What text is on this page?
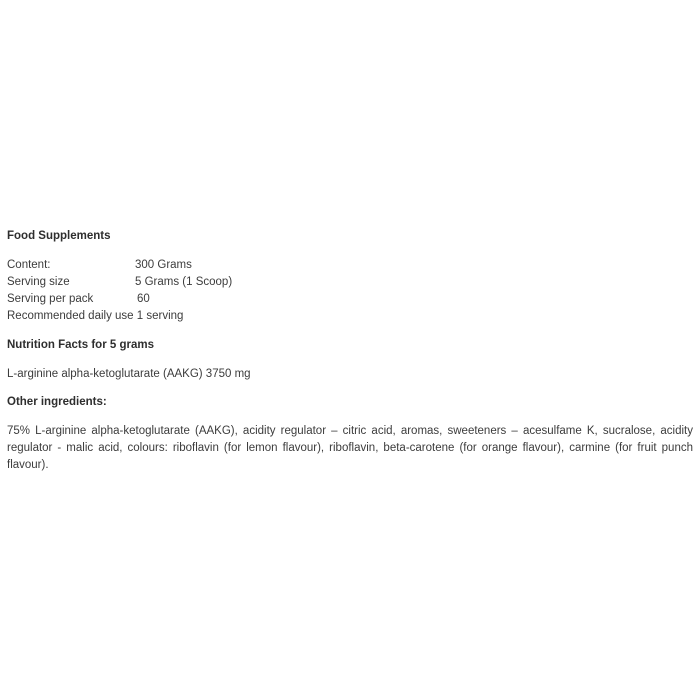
Food Supplements

Content:	300 Grams
Serving size	5 Grams (1 Scoop)
Serving per pack	60
Recommended daily use 1 serving

Nutrition Facts for 5 grams

L-arginine alpha-ketoglutarate (AAKG) 3750 mg

Other ingredients:

75% L-arginine alpha-ketoglutarate (AAKG), acidity regulator – citric acid, aromas, sweeteners – acesulfame K, sucralose, acidity regulator - malic acid, colours: riboflavin (for lemon flavour), riboflavin, beta-carotene (for orange flavour), carmine (for fruit punch flavour).
